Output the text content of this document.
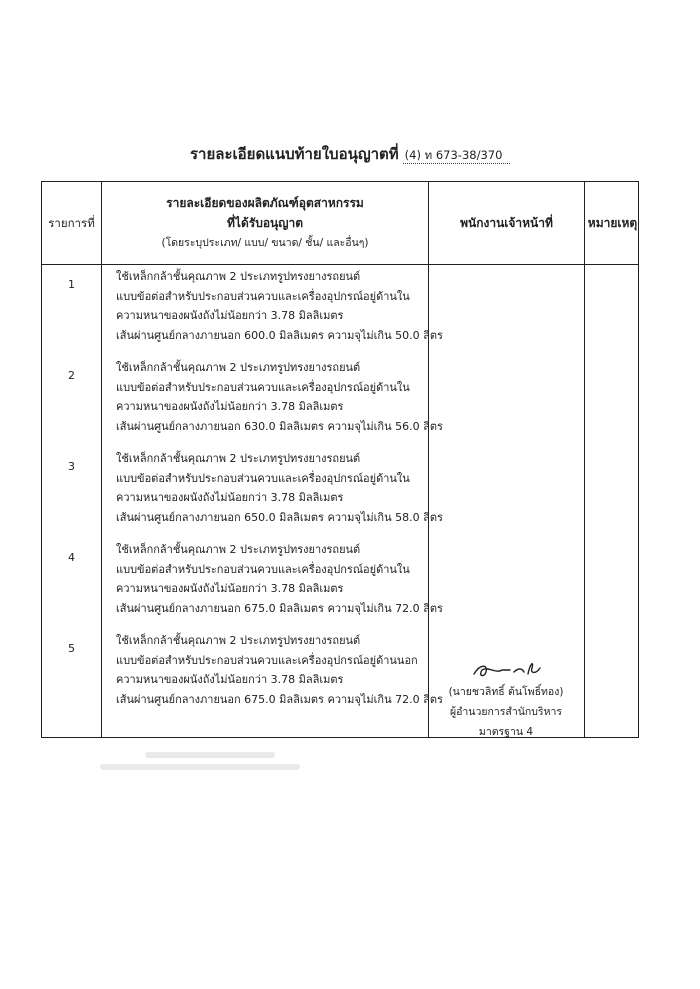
รายละเอียดแนบท้ายใบอนุญาตที่ (4) ท 673-38/370
รายการที่
รายละเอียดของผลิตภัณฑ์อุตสาหกรรม
ที่ได้รับอนุญาต
(โดยระบุประเภท/ แบบ/ ขนาด/ ชั้น/ และอื่นๆ)
พนักงานเจ้าหน้าที่	หมายเหตุ
1
ใช้เหล็กกล้าชั้นคุณภาพ 2 ประเภทรูปทรงยางรถยนต์
แบบข้อต่อสำหรับประกอบส่วนควบและเครื่องอุปกรณ์อยู่ด้านใน
ความหนาของผนังถังไม่น้อยกว่า 3.78 มิลลิเมตร
เส้นผ่านศูนย์กลางภายนอก 600.0 มิลลิเมตร ความจุไม่เกิน 50.0 ลิตร
2
ใช้เหล็กกล้าชั้นคุณภาพ 2 ประเภทรูปทรงยางรถยนต์
แบบข้อต่อสำหรับประกอบส่วนควบและเครื่องอุปกรณ์อยู่ด้านใน
ความหนาของผนังถังไม่น้อยกว่า 3.78 มิลลิเมตร
เส้นผ่านศูนย์กลางภายนอก 630.0 มิลลิเมตร ความจุไม่เกิน 56.0 ลิตร
3
ใช้เหล็กกล้าชั้นคุณภาพ 2 ประเภทรูปทรงยางรถยนต์
แบบข้อต่อสำหรับประกอบส่วนควบและเครื่องอุปกรณ์อยู่ด้านใน
ความหนาของผนังถังไม่น้อยกว่า 3.78 มิลลิเมตร
เส้นผ่านศูนย์กลางภายนอก 650.0 มิลลิเมตร ความจุไม่เกิน 58.0 ลิตร
4
ใช้เหล็กกล้าชั้นคุณภาพ 2 ประเภทรูปทรงยางรถยนต์
แบบข้อต่อสำหรับประกอบส่วนควบและเครื่องอุปกรณ์อยู่ด้านใน
ความหนาของผนังถังไม่น้อยกว่า 3.78 มิลลิเมตร
เส้นผ่านศูนย์กลางภายนอก 675.0 มิลลิเมตร ความจุไม่เกิน 72.0 ลิตร
5
ใช้เหล็กกล้าชั้นคุณภาพ 2 ประเภทรูปทรงยางรถยนต์
แบบข้อต่อสำหรับประกอบส่วนควบและเครื่องอุปกรณ์อยู่ด้านนอก
ความหนาของผนังถังไม่น้อยกว่า 3.78 มิลลิเมตร
เส้นผ่านศูนย์กลางภายนอก 675.0 มิลลิเมตร ความจุไม่เกิน 72.0 ลิตร
(นายชวลิทธิ์ ต้นโพธิ์ทอง)
ผู้อำนวยการสำนักบริหารมาตรฐาน 4
